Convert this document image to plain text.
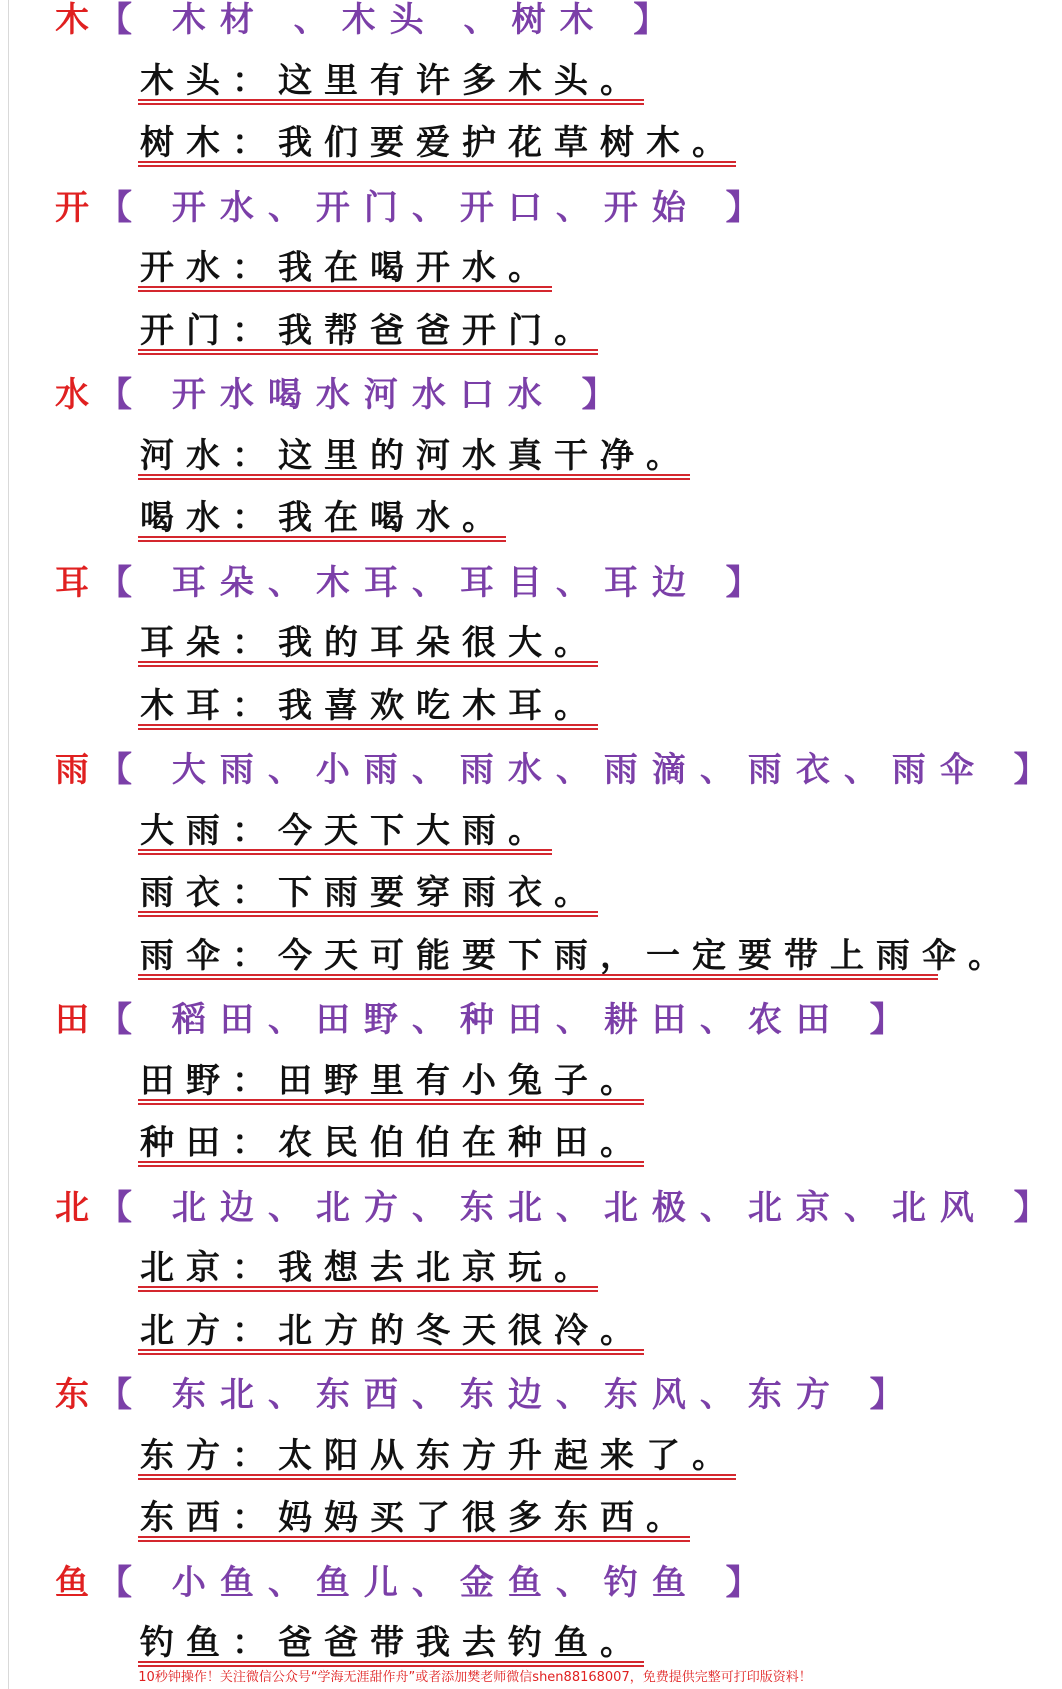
木 【 木材 、木头 、树木 】
木头：这里有许多木头。
树木：我们要爱护花草树木。
开 【 开水、开门、开口、开始 】
开水：我在喝开水。
开门：我帮爸爸开门。
水 【 开水喝水河水口水 】
河水：这里的河水真干净。
喝水：我在喝水。
耳 【 耳朵、木耳、耳目、耳边 】
耳朵：我的耳朵很大。
木耳：我喜欢吃木耳。
雨 【 大雨、小雨、雨水、雨滴、雨衣、雨伞 】
大雨：今天下大雨。
雨衣：下雨要穿雨衣。
雨伞：今天可能要下雨，一定要带上雨伞。
田 【 稻田、田野、种田、耕田、农田 】
田野：田野里有小兔子。
种田：农民伯伯在种田。
北 【 北边、北方、东北、北极、北京、北风 】
北京：我想去北京玩。
北方：北方的冬天很冷。
东 【 东北、东西、东边、东风、东方 】
东方：太阳从东方升起来了。
东西：妈妈买了很多东西。
鱼 【 小鱼、鱼儿、金鱼、钓鱼 】
钓鱼：爸爸带我去钓鱼。
10秒钟操作！关注微信公众号“学海无涯甜作舟”或者添加樊老师微信shen88168007，免费提供完整可打印版资料！
